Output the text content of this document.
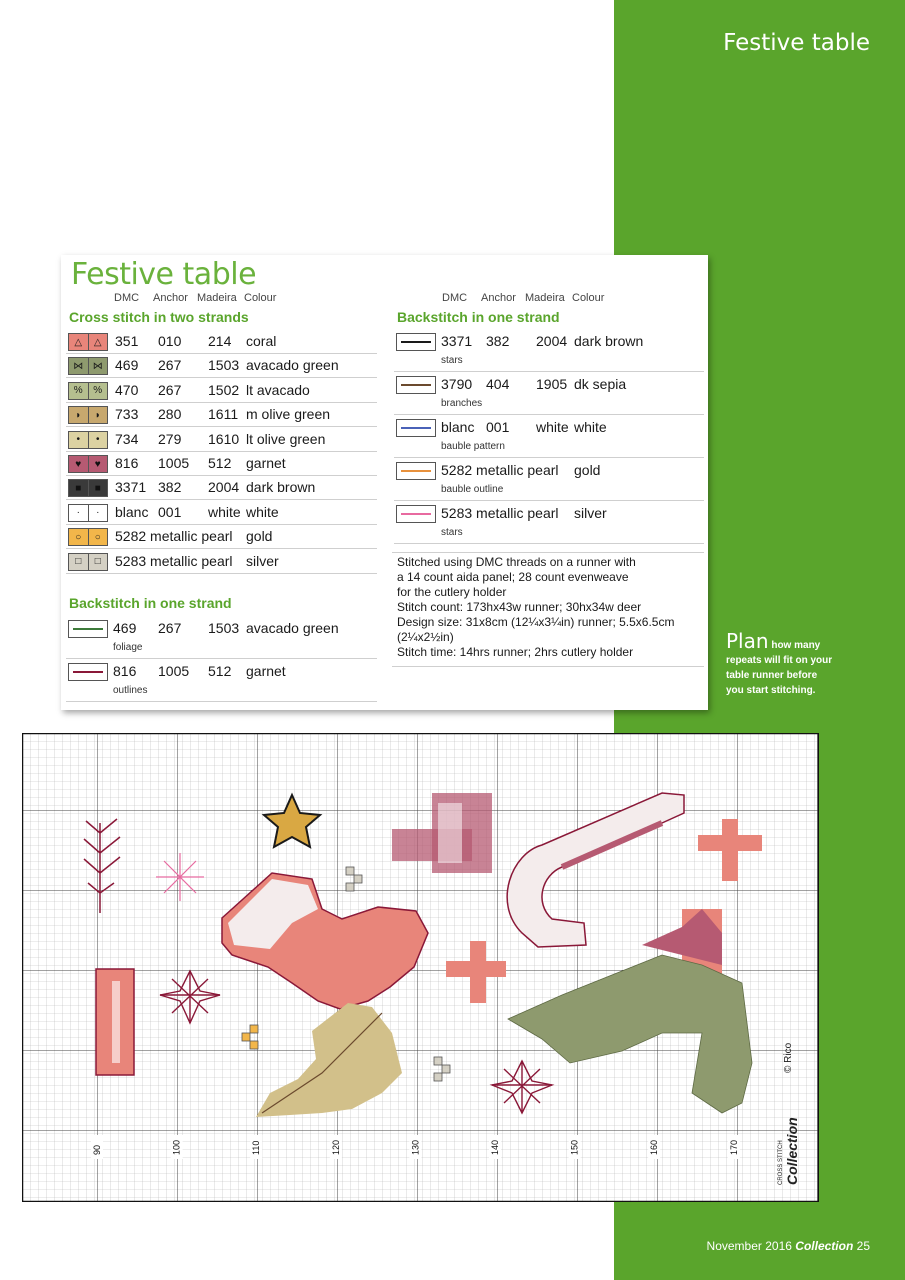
Festive table
Festive table
DMC Anchor Madeira Colour
Cross stitch in two strands
△	△ 351 010 214 coral
⋈ ⋈ 469 267 1503 avacado green
%	% 470 267 1502 lt avacado
◗	◗	733 280 1611 m olive green
•	•	734 279 1610 lt olive green
♥	♥	816 1005 512 garnet
■	■	3371 382 2004 dark brown
·	·	blanc 001 white white
○	○	5282 metallic pearl gold
□	□	5283 metallic pearl silver
Backstitch in one strand
469 267 1503 avacado green
foliage
816 1005 512 garnet
outlines
DMC Anchor Madeira Colour
Backstitch in one strand
3371 382 2004 dark brown
stars
3790 404 1905 dk sepia
branches
blanc 001 white white
bauble pattern
5282 metallic pearl gold
bauble outline
5283 metallic pearl silver
stars

Stitched using DMC threads on a runner with

a 14 count aida panel; 28 count evenweave

for the cutlery holder

Stitch count: 173hx43w runner; 30hx34w deer

Design size: 31x8cm (12¼x3¼in) runner; 5.5x6.5cm

(2¼x2½in)

Stitch time: 14hrs runner; 2hrs cutlery holder	Plan how many repeats will fit on your table runner before you start stitching.
90	100	110	120	130	140	150	160	170
© Rico
CROSS STITCH Collection
November 2016 Collection 25
